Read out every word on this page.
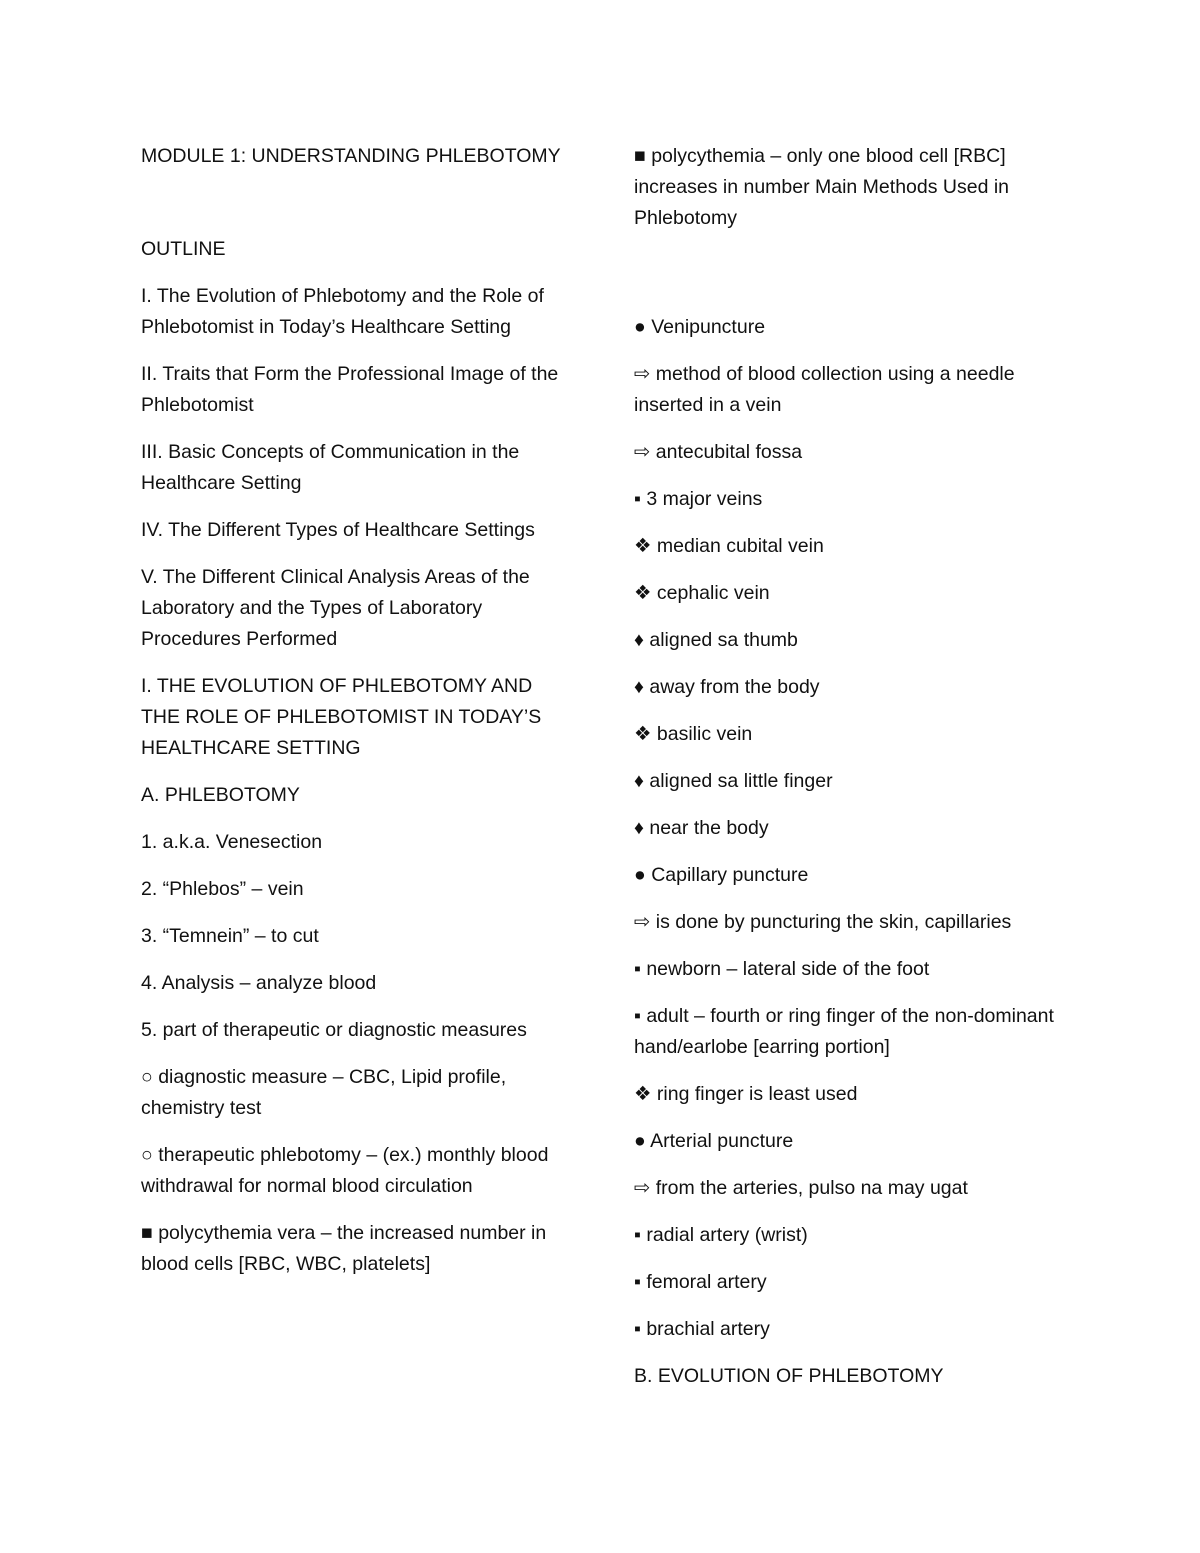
MODULE 1: UNDERSTANDING PHLEBOTOMY

OUTLINE

I. The Evolution of Phlebotomy and the Role of Phlebotomist in Today’s Healthcare Setting

II. Traits that Form the Professional Image of the Phlebotomist

III. Basic Concepts of Communication in the Healthcare Setting

IV. The Different Types of Healthcare Settings

V. The Different Clinical Analysis Areas of the Laboratory and the Types of Laboratory Procedures Performed

I. THE EVOLUTION OF PHLEBOTOMY AND THE ROLE OF PHLEBOTOMIST IN TODAY’S HEALTHCARE SETTING

A. PHLEBOTOMY

1. a.k.a. Venesection

2. “Phlebos” – vein

3. “Temnein” – to cut

4. Analysis – analyze blood

5. part of therapeutic or diagnostic measures

○ diagnostic measure – CBC, Lipid profile, chemistry test

○ therapeutic phlebotomy – (ex.) monthly blood withdrawal for normal blood circulation

■ polycythemia vera – the increased number in blood cells [RBC, WBC, platelets]

■ polycythemia – only one blood cell [RBC] increases in number Main Methods Used in Phlebotomy

● Venipuncture

⇨ method of blood collection using a needle inserted in a vein

⇨ antecubital fossa

▪ 3 major veins

❖ median cubital vein

❖ cephalic vein

♦ aligned sa thumb

♦ away from the body

❖ basilic vein

♦ aligned sa little finger

♦ near the body

● Capillary puncture

⇨ is done by puncturing the skin, capillaries

▪ newborn – lateral side of the foot

▪ adult – fourth or ring finger of the non-dominant hand/earlobe [earring portion]

❖ ring finger is least used

● Arterial puncture

⇨ from the arteries, pulso na may ugat

▪ radial artery (wrist)

▪ femoral artery

▪ brachial artery

B. EVOLUTION OF PHLEBOTOMY
